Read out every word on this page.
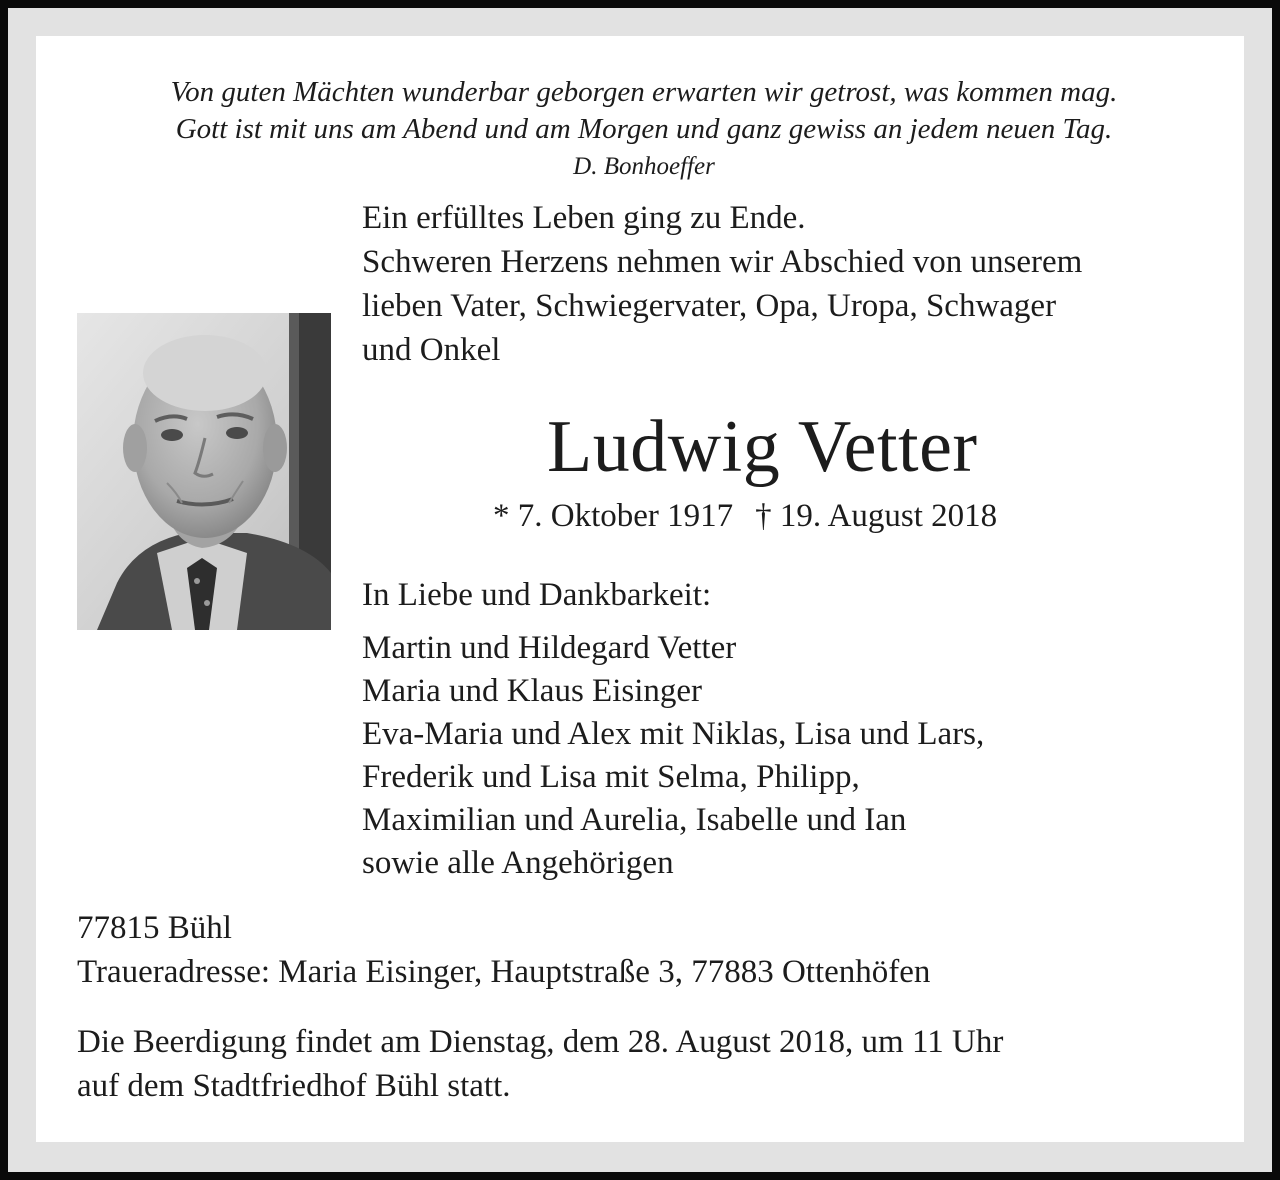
Von guten Mächten wunderbar geborgen erwarten wir getrost, was kommen mag.
Gott ist mit uns am Abend und am Morgen und ganz gewiss an jedem neuen Tag.
D. Bonhoeffer
Ein erfülltes Leben ging zu Ende.
Schweren Herzens nehmen wir Abschied von unserem
lieben Vater, Schwiegervater, Opa, Uropa, Schwager
und Onkel
Ludwig Vetter
* 7. Oktober 1917 † 19. August 2018
In Liebe und Dankbarkeit:
Martin und Hildegard Vetter
Maria und Klaus Eisinger
Eva-Maria und Alex mit Niklas, Lisa und Lars,
Frederik und Lisa mit Selma, Philipp,
Maximilian und Aurelia, Isabelle und Ian
sowie alle Angehörigen
77815 Bühl
Traueradresse: Maria Eisinger, Hauptstraße 3, 77883 Ottenhöfen
Die Beerdigung findet am Dienstag, dem 28. August 2018, um 11 Uhr
auf dem Stadtfriedhof Bühl statt.
